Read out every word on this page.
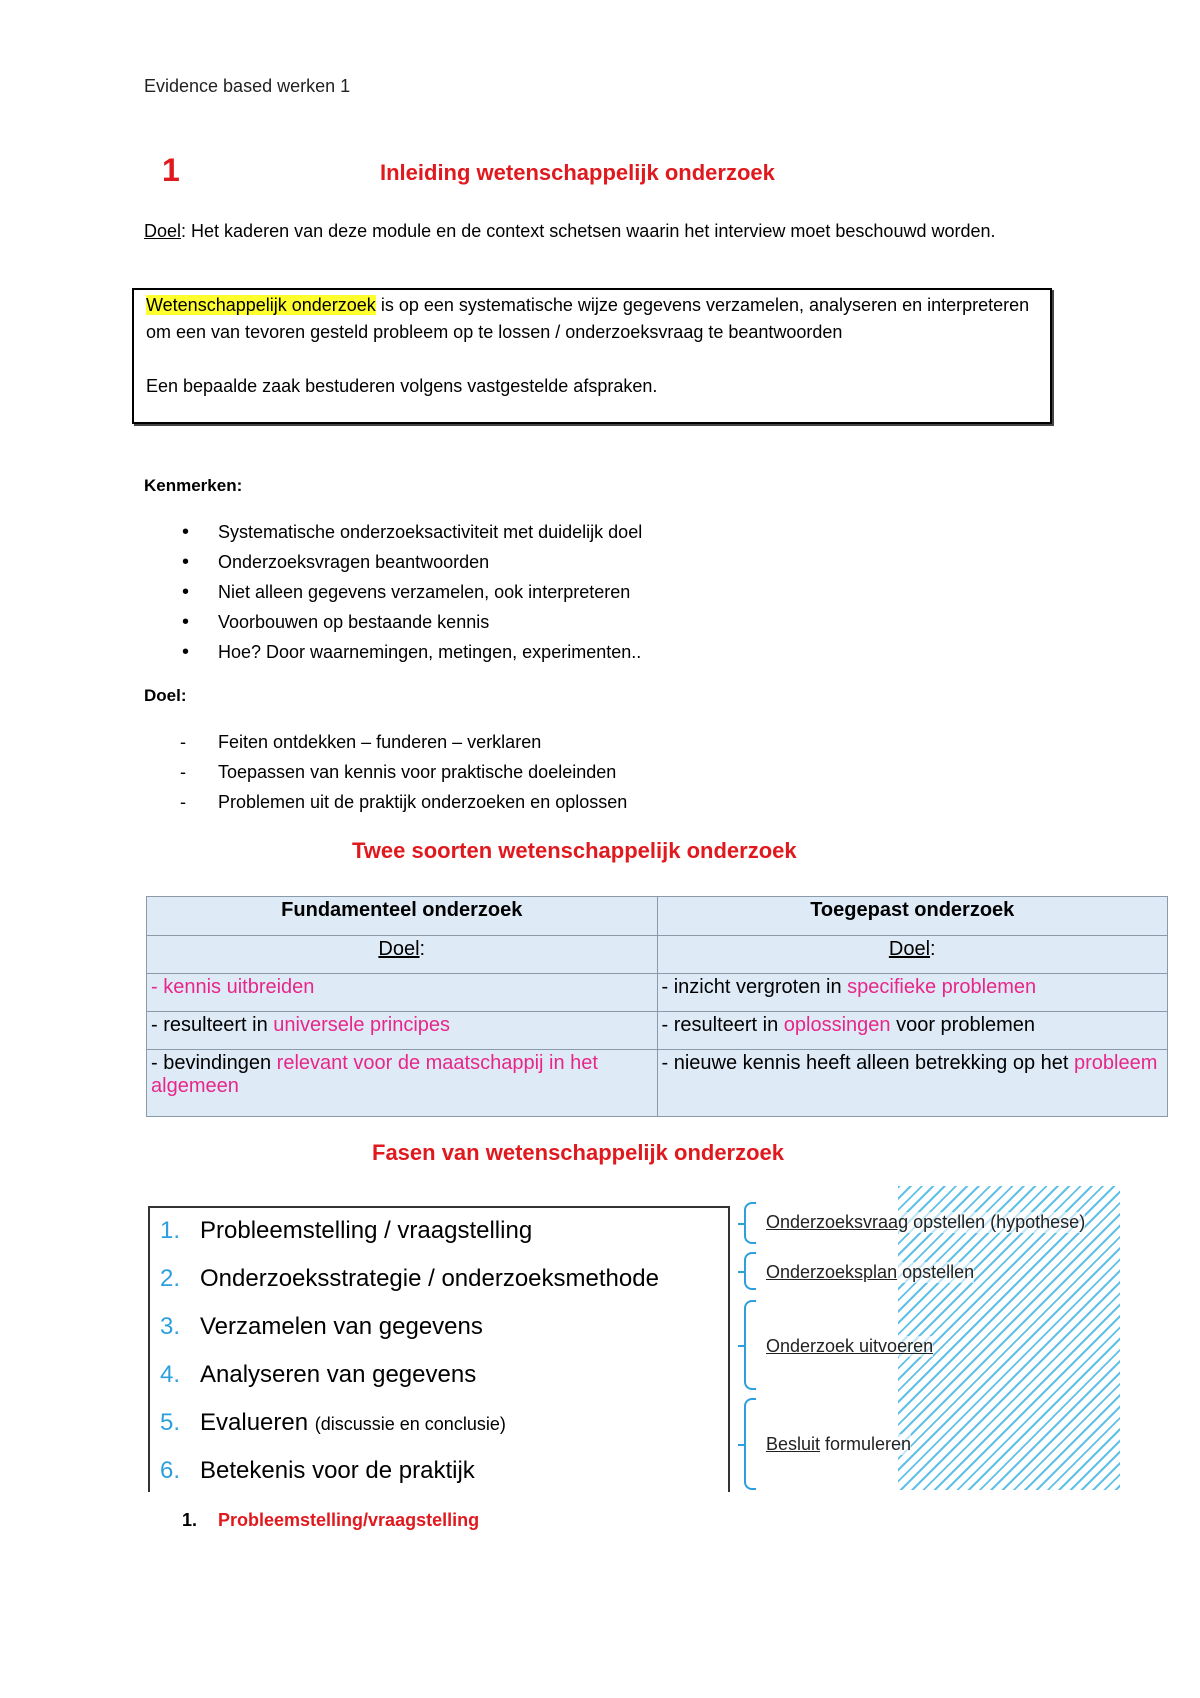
Evidence based werken 1
1	Inleiding wetenschappelijk onderzoek
Doel: Het kaderen van deze module en de context schetsen waarin het interview moet beschouwd worden.
Wetenschappelijk onderzoek is op een systematische wijze gegevens verzamelen, analyseren en interpreteren om een van tevoren gesteld probleem op te lossen / onderzoeksvraag te beantwoorden
Een bepaalde zaak bestuderen volgens vastgestelde afspraken.
Kenmerken:
• Systematische onderzoeksactiviteit met duidelijk doel
• Onderzoeksvragen beantwoorden
• Niet alleen gegevens verzamelen, ook interpreteren
• Voorbouwen op bestaande kennis
• Hoe? Door waarnemingen, metingen, experimenten..
Doel:
- Feiten ontdekken – funderen – verklaren
- Toepassen van kennis voor praktische doeleinden
- Problemen uit de praktijk onderzoeken en oplossen
Twee soorten wetenschappelijk onderzoek
Fundamenteel onderzoek	Toegepast onderzoek
Doel:	Doel:
- kennis uitbreiden	- inzicht vergroten in specifieke problemen
- resulteert in universele principes	- resulteert in oplossingen voor problemen
- bevindingen relevant voor de maatschappij in het algemeen	- nieuwe kennis heeft alleen betrekking op het probleem
Fasen van wetenschappelijk onderzoek
1. Probleemstelling / vraagstelling
2. Onderzoeksstrategie / onderzoeksmethode
3. Verzamelen van gegevens
4. Analyseren van gegevens
5. Evalueren (discussie en conclusie)
6. Betekenis voor de praktijk
Onderzoeksvraag opstellen (hypothese)
Onderzoeksplan opstellen
Onderzoek uitvoeren
Besluit formuleren
1. Probleemstelling/vraagstelling
